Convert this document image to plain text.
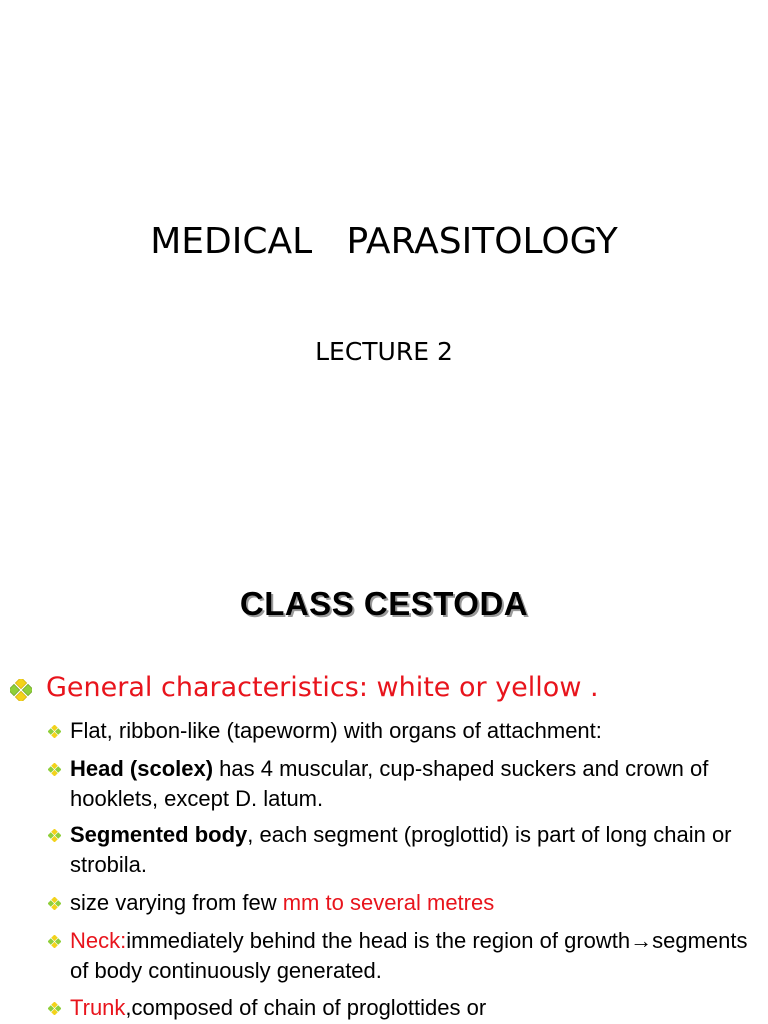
MEDICAL   PARASITOLOGY
LECTURE 2
CLASS CESTODA
General characteristics: white or yellow .
Flat, ribbon-like (tapeworm) with organs of attachment:
Head (scolex) has 4 muscular, cup-shaped suckers and crown of hooklets, except D. latum.
Segmented body, each segment (proglottid) is part of long chain or strobila.
size varying from few mm to several metres
Neck:immediately behind the head is the region of growth→segments of body continuously generated.
Trunk,composed of chain of proglottides or
